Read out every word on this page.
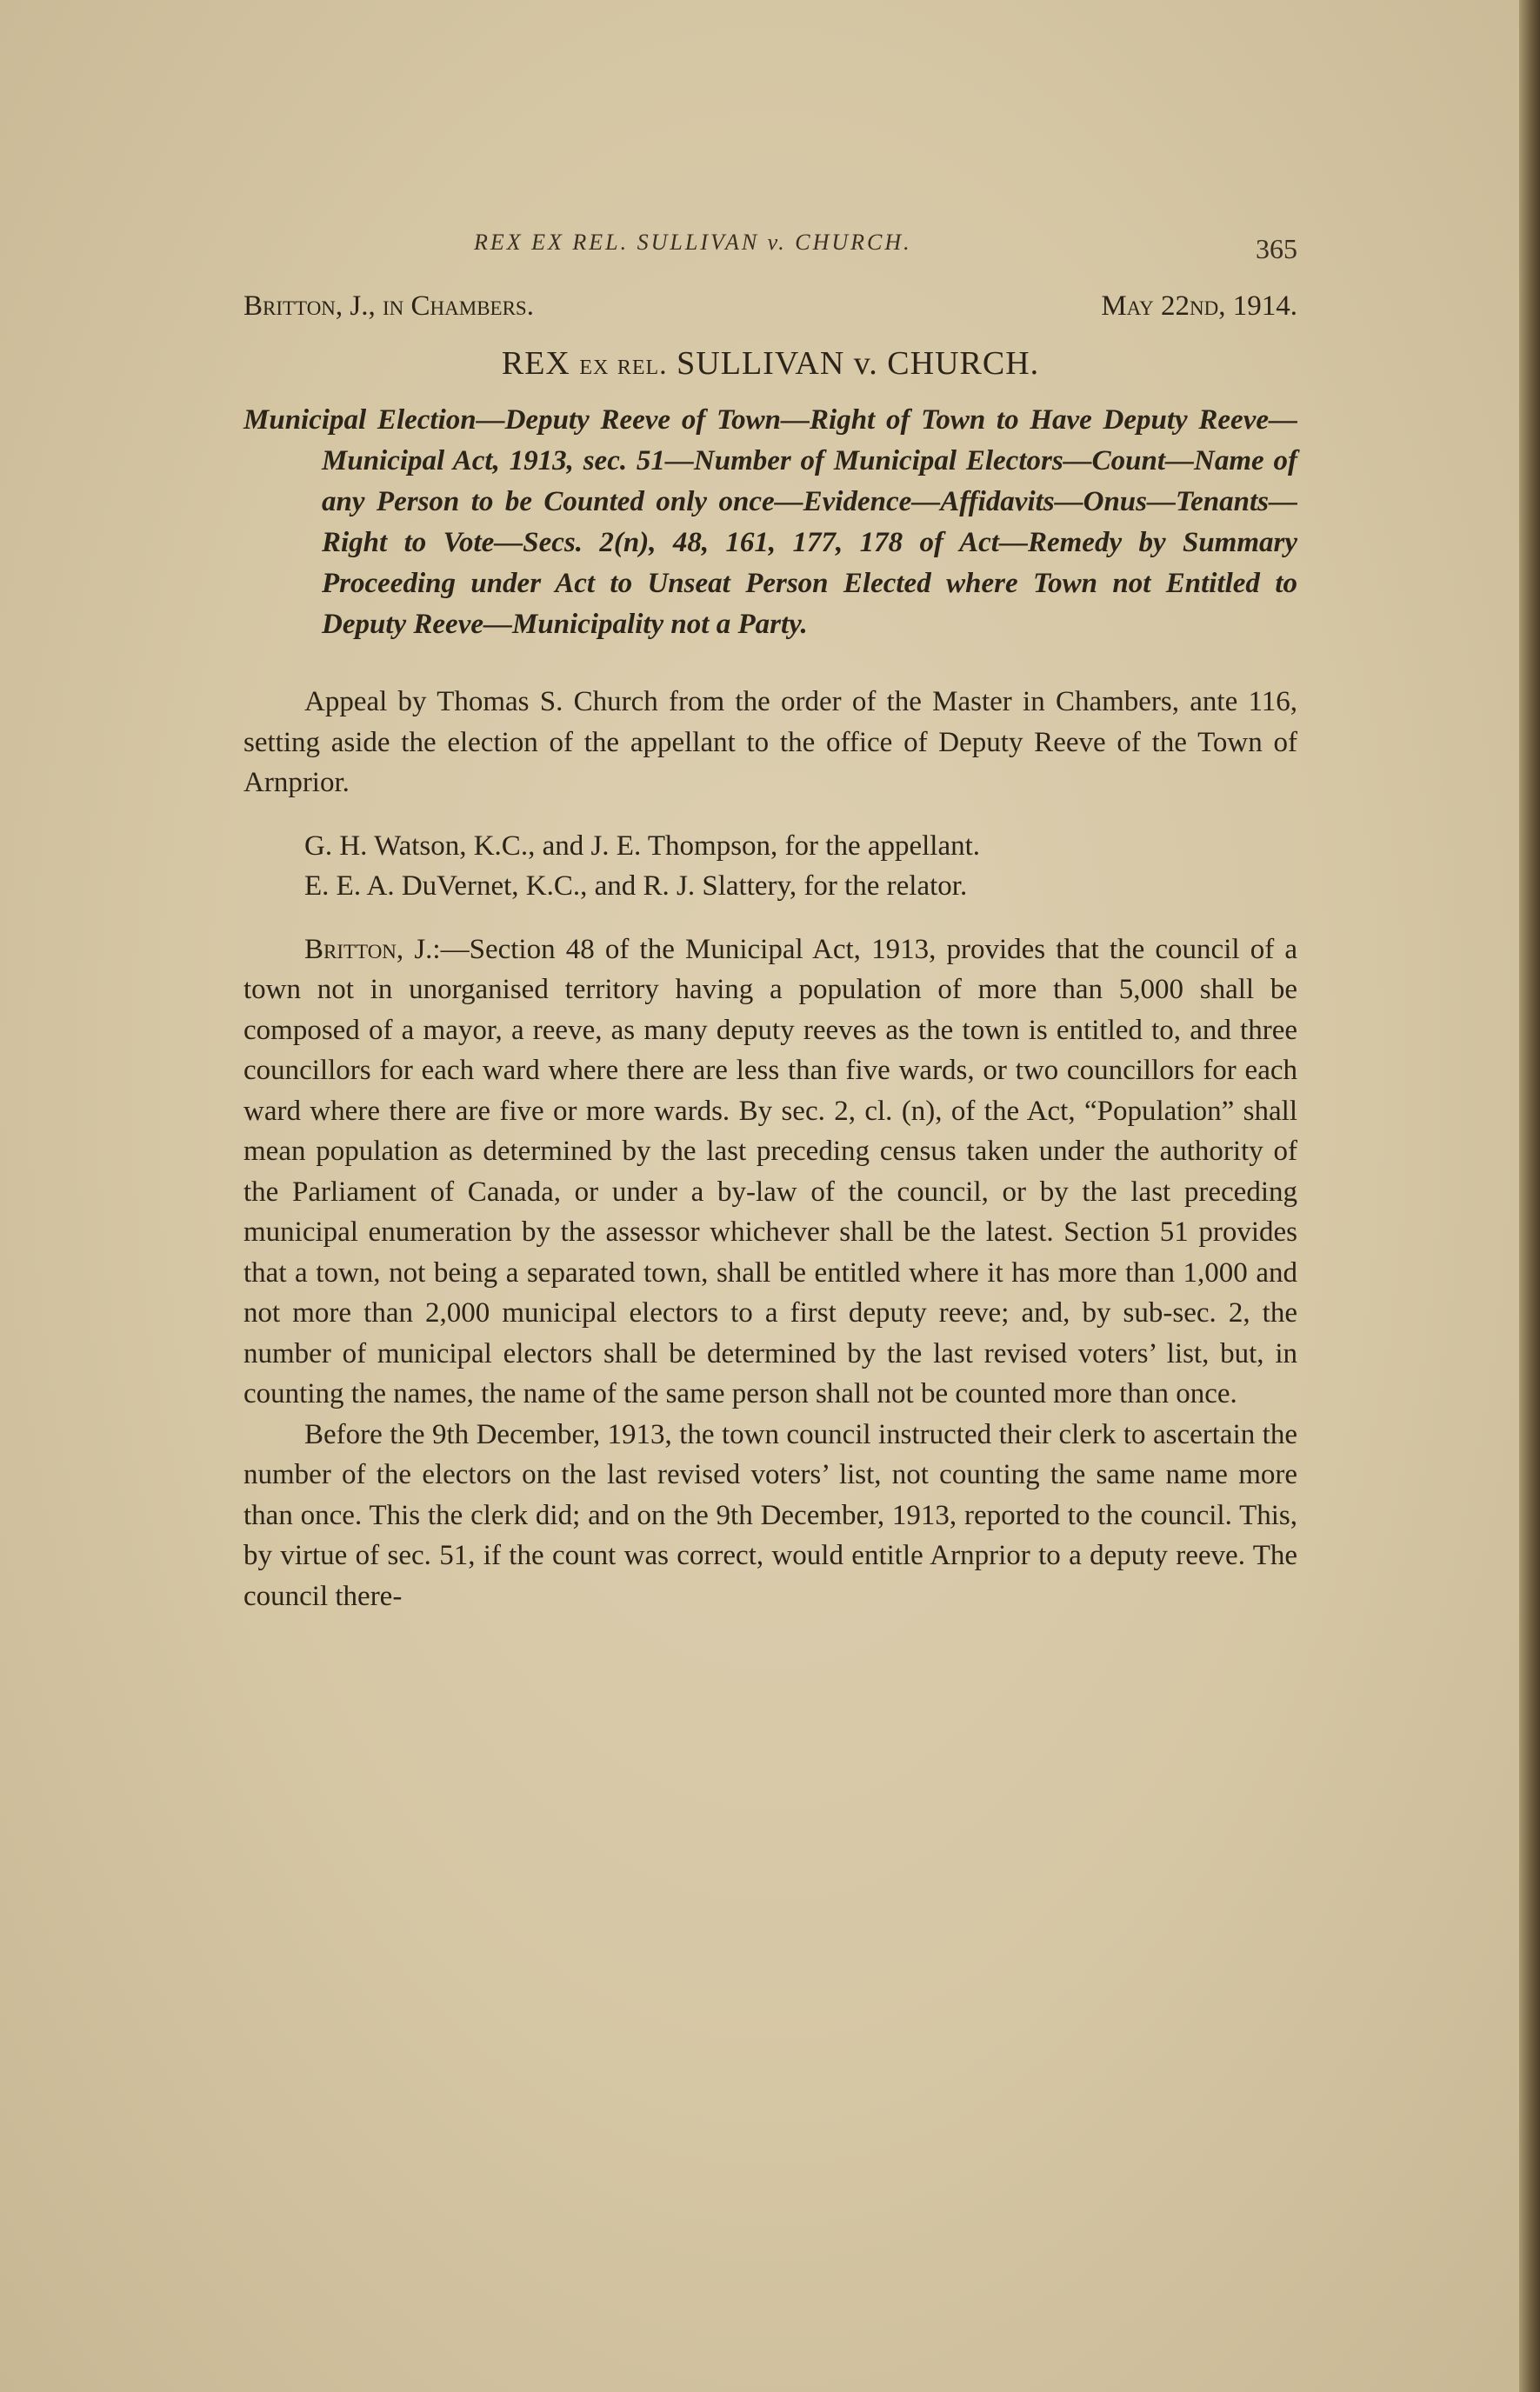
REX EX REL. SULLIVAN v. CHURCH.	365
Britton, J., in Chambers.	May 22nd, 1914.
REX ex rel. SULLIVAN v. CHURCH.
Municipal Election—Deputy Reeve of Town—Right of Town to Have Deputy Reeve—Municipal Act, 1913, sec. 51—Number of Municipal Electors—Count—Name of any Person to be Counted only once—Evidence—Affidavits—Onus—Tenants—Right to Vote—Secs. 2(n), 48, 161, 177, 178 of Act—Remedy by Summary Proceeding under Act to Unseat Person Elected where Town not Entitled to Deputy Reeve—Municipality not a Party.

Appeal by Thomas S. Church from the order of the Master in Chambers, ante 116, setting aside the election of the appellant to the office of Deputy Reeve of the Town of Arnprior.

G. H. Watson, K.C., and J. E. Thompson, for the appellant.
E. E. A. DuVernet, K.C., and R. J. Slattery, for the relator.

Britton, J.:—Section 48 of the Municipal Act, 1913, provides that the council of a town not in unorganised territory having a population of more than 5,000 shall be composed of a mayor, a reeve, as many deputy reeves as the town is entitled to, and three councillors for each ward where there are less than five wards, or two councillors for each ward where there are five or more wards. By sec. 2, cl. (n), of the Act, “Population” shall mean population as determined by the last preceding census taken under the authority of the Parliament of Canada, or under a by-law of the council, or by the last preceding municipal enumeration by the assessor whichever shall be the latest. Section 51 provides that a town, not being a separated town, shall be entitled where it has more than 1,000 and not more than 2,000 municipal electors to a first deputy reeve; and, by sub-sec. 2, the number of municipal electors shall be determined by the last revised voters’ list, but, in counting the names, the name of the same person shall not be counted more than once.

Before the 9th December, 1913, the town council instructed their clerk to ascertain the number of the electors on the last revised voters’ list, not counting the same name more than once. This the clerk did; and on the 9th December, 1913, reported to the council. This, by virtue of sec. 51, if the count was correct, would entitle Arnprior to a deputy reeve. The council there-
